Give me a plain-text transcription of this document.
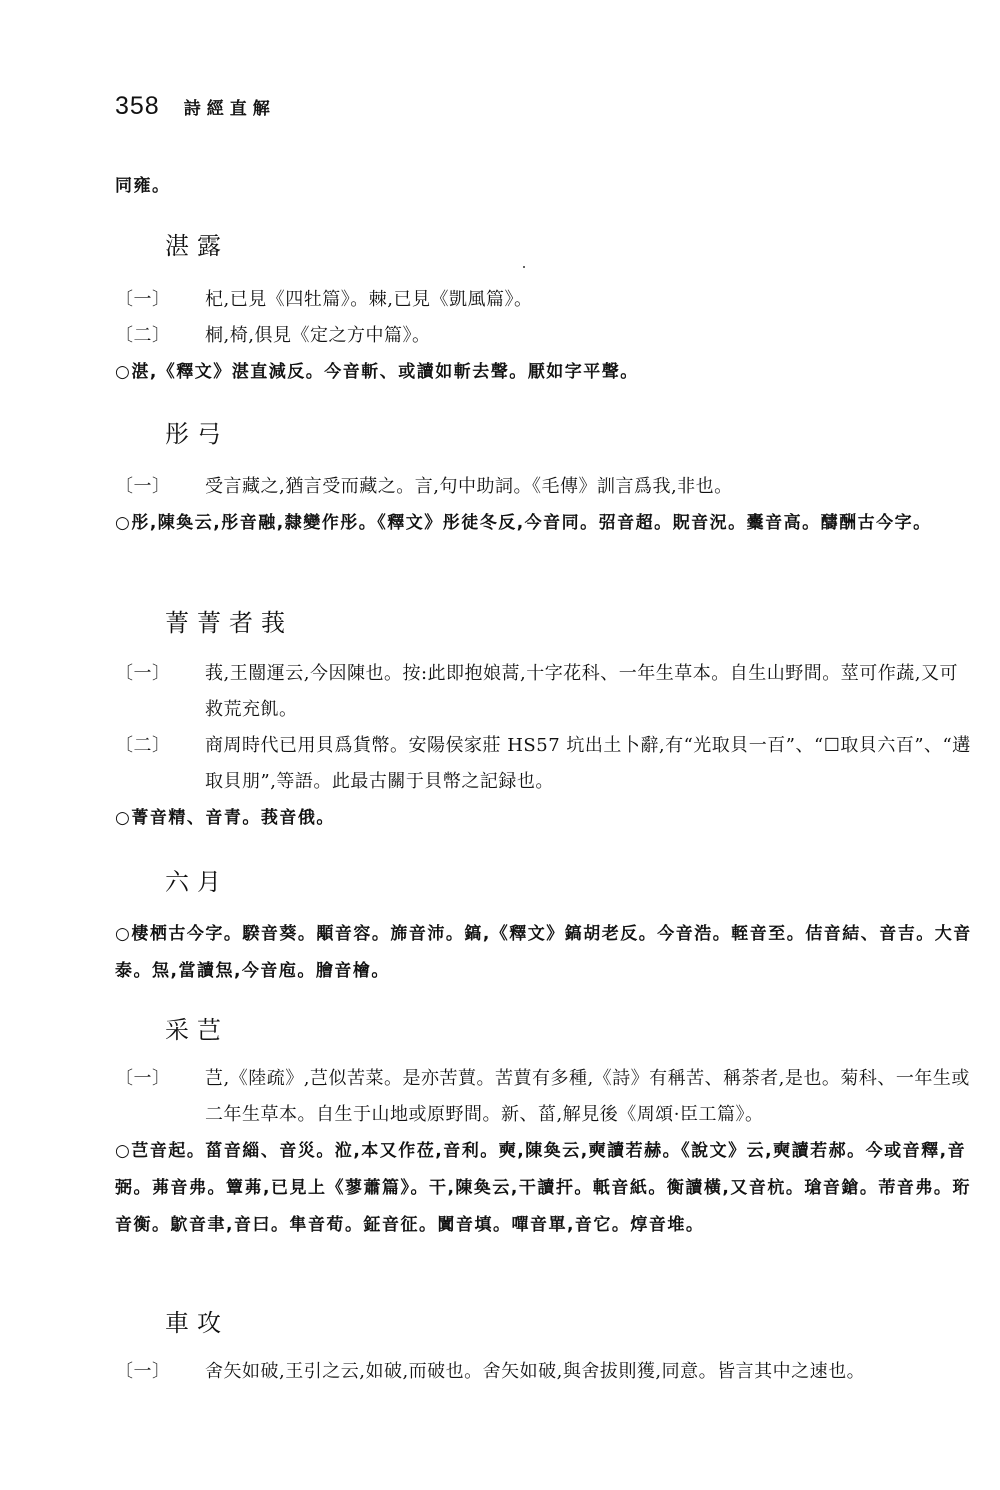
358 詩經直解

同雍。

湛露

〔一〕 杞,已見《四牡篇》。棘,已見《凱風篇》。

〔二〕 桐,椅,俱見《定之方中篇》。

○湛,《釋文》湛直減反。今音斬、或讀如斬去聲。厭如字平聲。

彤弓

〔一〕 受言藏之,猶言受而藏之。言,句中助詞。《毛傳》訓言爲我,非也。

○彤,陳奐云,彤音融,隸變作彤。《釋文》彤徒冬反,今音同。弨音超。貺音況。櫜音高。醻酬古今字。

菁菁者莪

〔一〕 莪,王闓運云,今因陳也。按:此即抱娘蒿,十字花科、一年生草本。自生山野間。莖可作蔬,又可救荒充飢。

〔二〕 商周時代已用貝爲貨幣。安陽侯家莊 HS57 坑出土卜辭,有“光取貝一百”、“☐取貝六百”、“遘取貝朋”,等語。此最古關于貝幣之記録也。

○菁音精、音青。莪音俄。

六月

○棲栖古今字。騤音葵。顒音容。旆音沛。鎬,《釋文》鎬胡老反。今音浩。輊音至。佶音結、音吉。大音泰。炰,當讀炰,今音庖。膾音檜。

采芑

〔一〕 芑,《陸疏》,芑似苦菜。是亦苦蕒。苦蕒有多種,《詩》有稱苦、稱荼者,是也。菊科、一年生或二年生草本。自生于山地或原野間。新、菑,解見後《周頌·臣工篇》。

○芑音起。菑音緇、音災。涖,本又作莅,音利。奭,陳奐云,奭讀若赫。《說文》云,奭讀若郝。今或音釋,音弼。茀音弗。簟茀,已見上《蓼蕭篇》。干,陳奐云,干讀扞。軝音紙。衡讀橫,又音杭。瑲音鎗。芾音弗。珩音衡。鴥音聿,音曰。隼音荀。鉦音征。闐音填。嘽音單,音它。焞音堆。

車攻

〔一〕 舍矢如破,王引之云,如破,而破也。舍矢如破,與舍拔則獲,同意。皆言其中之速也。
